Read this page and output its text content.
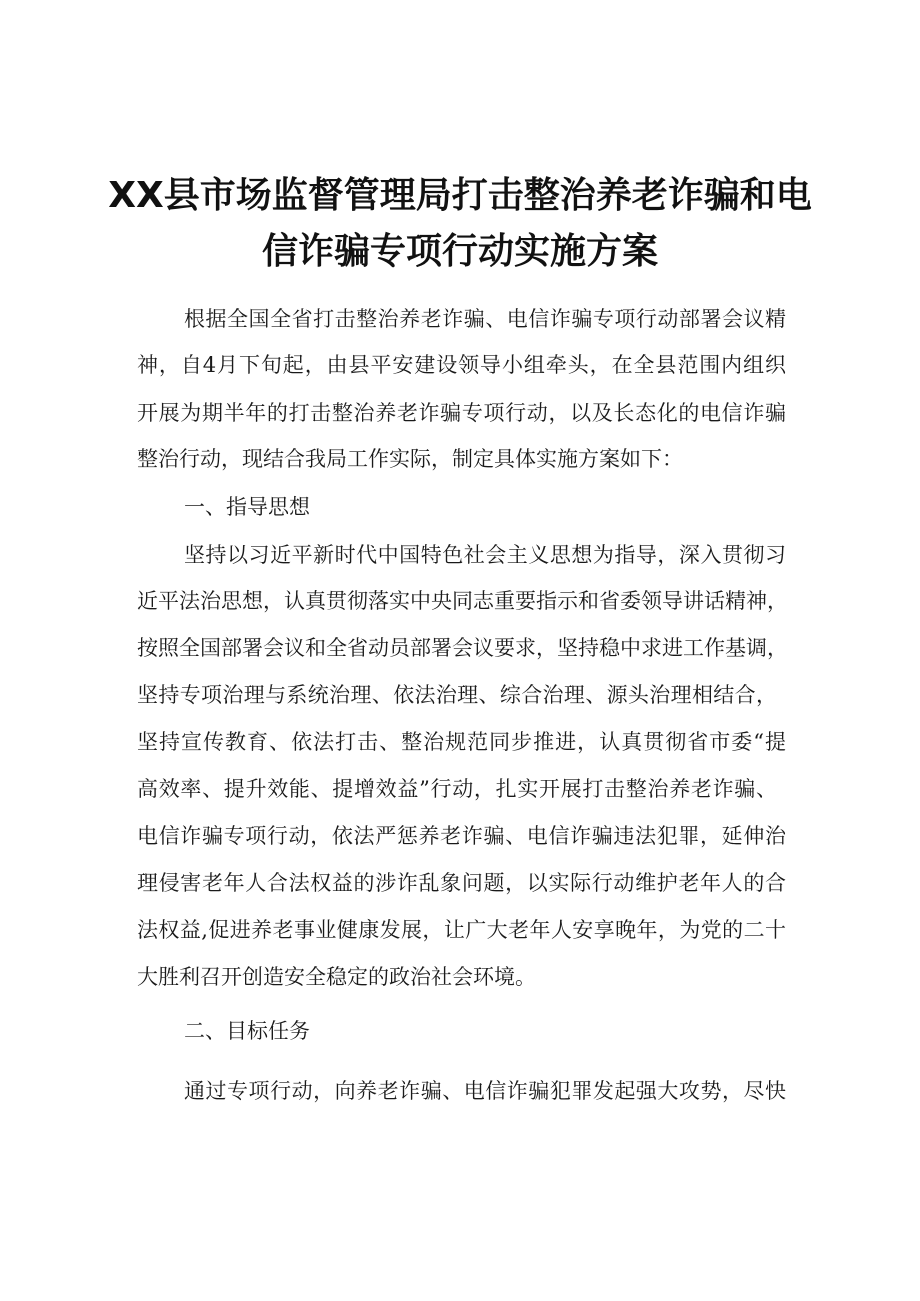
XX县市场监督管理局打击整治养老诈骗和电
信诈骗专项行动实施方案
根据全国全省打击整治养老诈骗、电信诈骗专项行动部署会议精
神，自4月下旬起，由县平安建设领导小组牵头，在全县范围内组织
开展为期半年的打击整治养老诈骗专项行动，以及长态化的电信诈骗
整治行动，现结合我局工作实际，制定具体实施方案如下：
一、指导思想
坚持以习近平新时代中国特色社会主义思想为指导，深入贯彻习
近平法治思想，认真贯彻落实中央同志重要指示和省委领导讲话精神，
按照全国部署会议和全省动员部署会议要求，坚持稳中求进工作基调，
坚持专项治理与系统治理、依法治理、综合治理、源头治理相结合，
坚持宣传教育、依法打击、整治规范同步推进，认真贯彻省市委“提
高效率、提升效能、提增效益”行动，扎实开展打击整治养老诈骗、
电信诈骗专项行动，依法严惩养老诈骗、电信诈骗违法犯罪，延伸治
理侵害老年人合法权益的涉诈乱象问题，以实际行动维护老年人的合
法权益,促进养老事业健康发展，让广大老年人安享晚年，为党的二十
大胜利召开创造安全稳定的政治社会环境。
二、目标任务
通过专项行动，向养老诈骗、电信诈骗犯罪发起强大攻势，尽快
